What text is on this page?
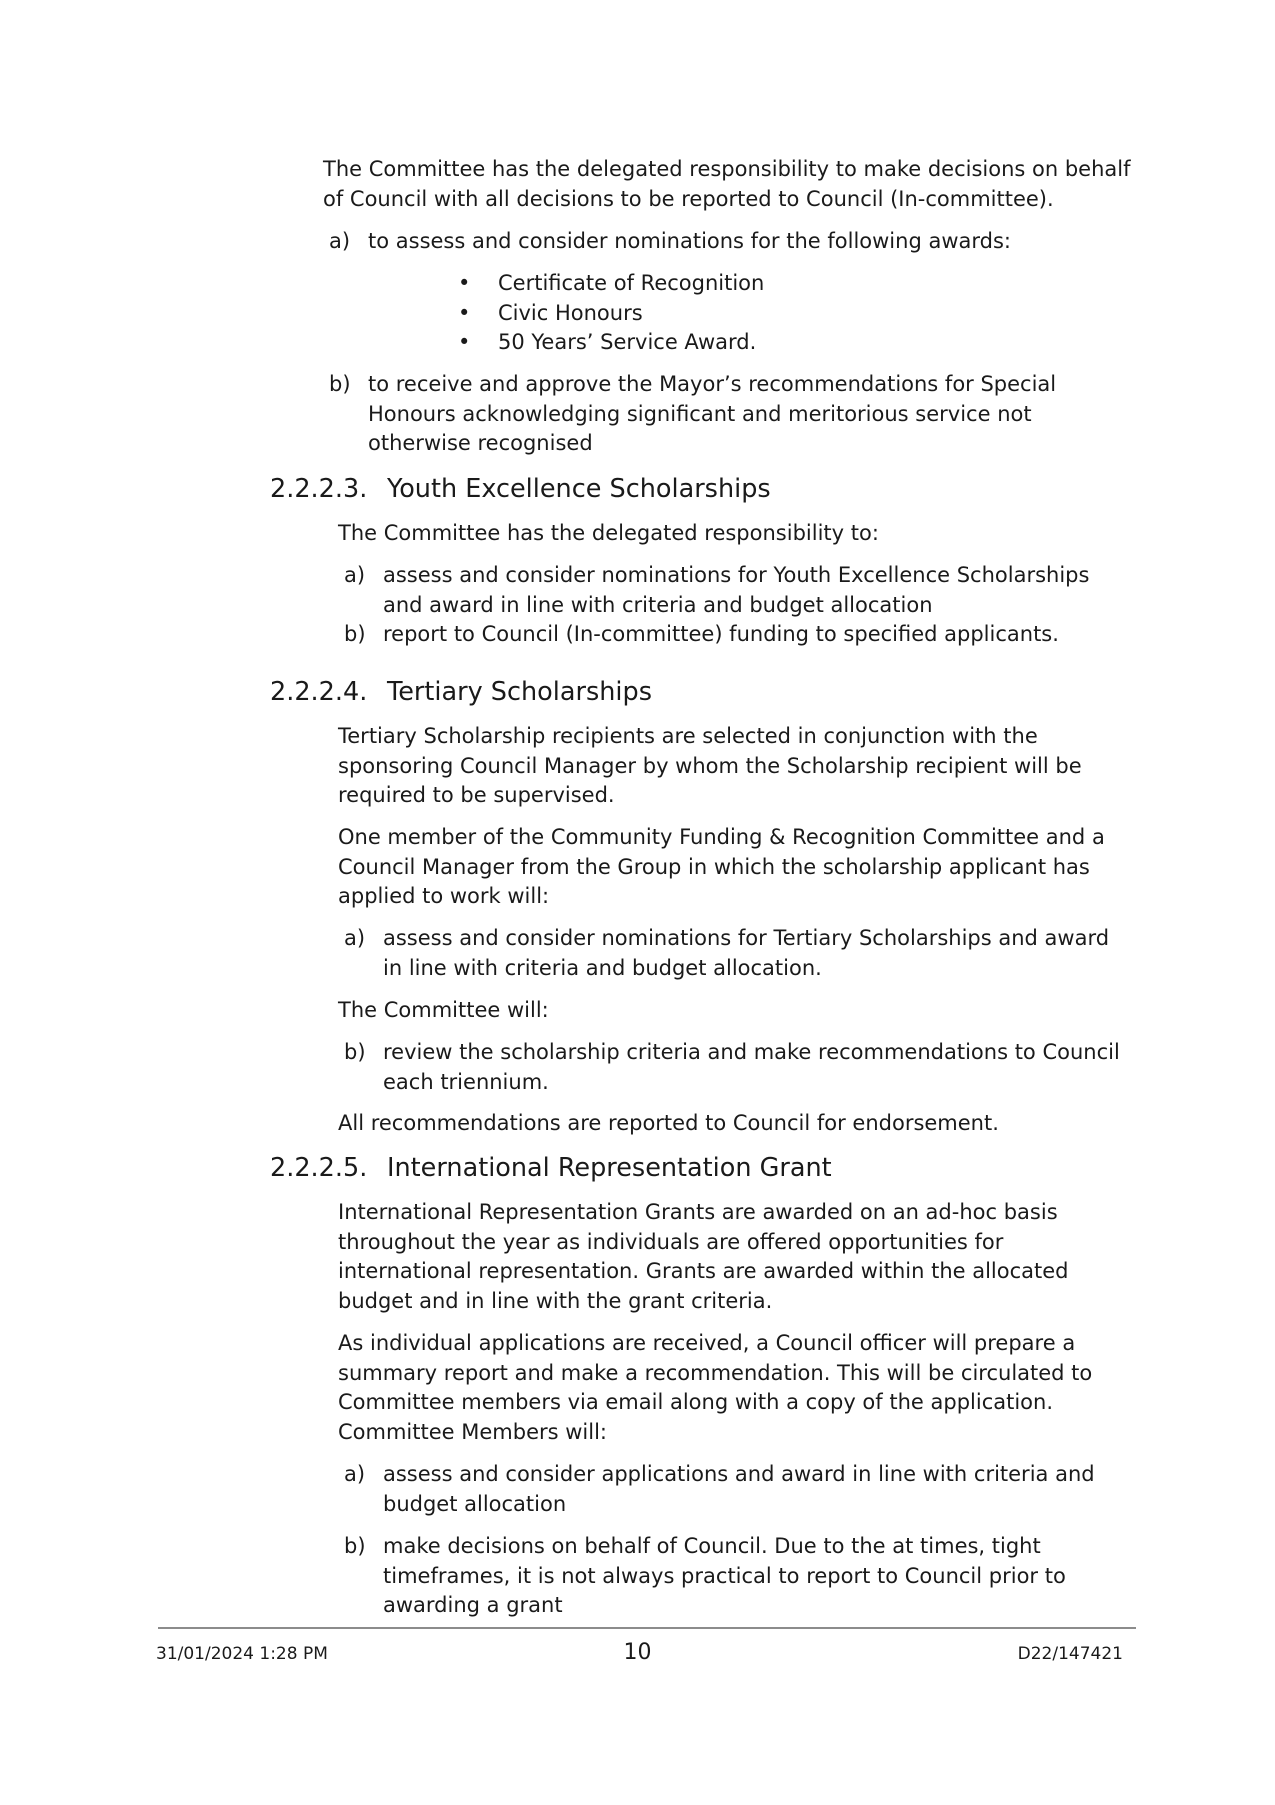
The Committee has the delegated responsibility to make decisions on behalf of Council with all decisions to be reported to Council (In-committee).

a) to assess and consider nominations for the following awards:
•	Certificate of Recognition
•	Civic Honours
•	50 Years’ Service Award.
b) to receive and approve the Mayor’s recommendations for Special Honours acknowledging significant and meritorious service not otherwise recognised
2.2.2.3. Youth Excellence Scholarships

The Committee has the delegated responsibility to:

a) assess and consider nominations for Youth Excellence Scholarships and award in line with criteria and budget allocation
b) report to Council (In-committee) funding to specified applicants.
2.2.2.4. Tertiary Scholarships

Tertiary Scholarship recipients are selected in conjunction with the sponsoring Council Manager by whom the Scholarship recipient will be required to be supervised.

One member of the Community Funding & Recognition Committee and a Council Manager from the Group in which the scholarship applicant has applied to work will:

a) assess and consider nominations for Tertiary Scholarships and award in line with criteria and budget allocation.

The Committee will:

b) review the scholarship criteria and make recommendations to Council each triennium.

All recommendations are reported to Council for endorsement.

2.2.2.5. International Representation Grant

International Representation Grants are awarded on an ad-hoc basis throughout the year as individuals are offered opportunities for international representation. Grants are awarded within the allocated budget and in line with the grant criteria.

As individual applications are received, a Council officer will prepare a summary report and make a recommendation. This will be circulated to Committee members via email along with a copy of the application. Committee Members will:

a) assess and consider applications and award in line with criteria and budget allocation
b) make decisions on behalf of Council. Due to the at times, tight timeframes, it is not always practical to report to Council prior to awarding a grant
31/01/2024 1:28 PM	10	D22/147421
